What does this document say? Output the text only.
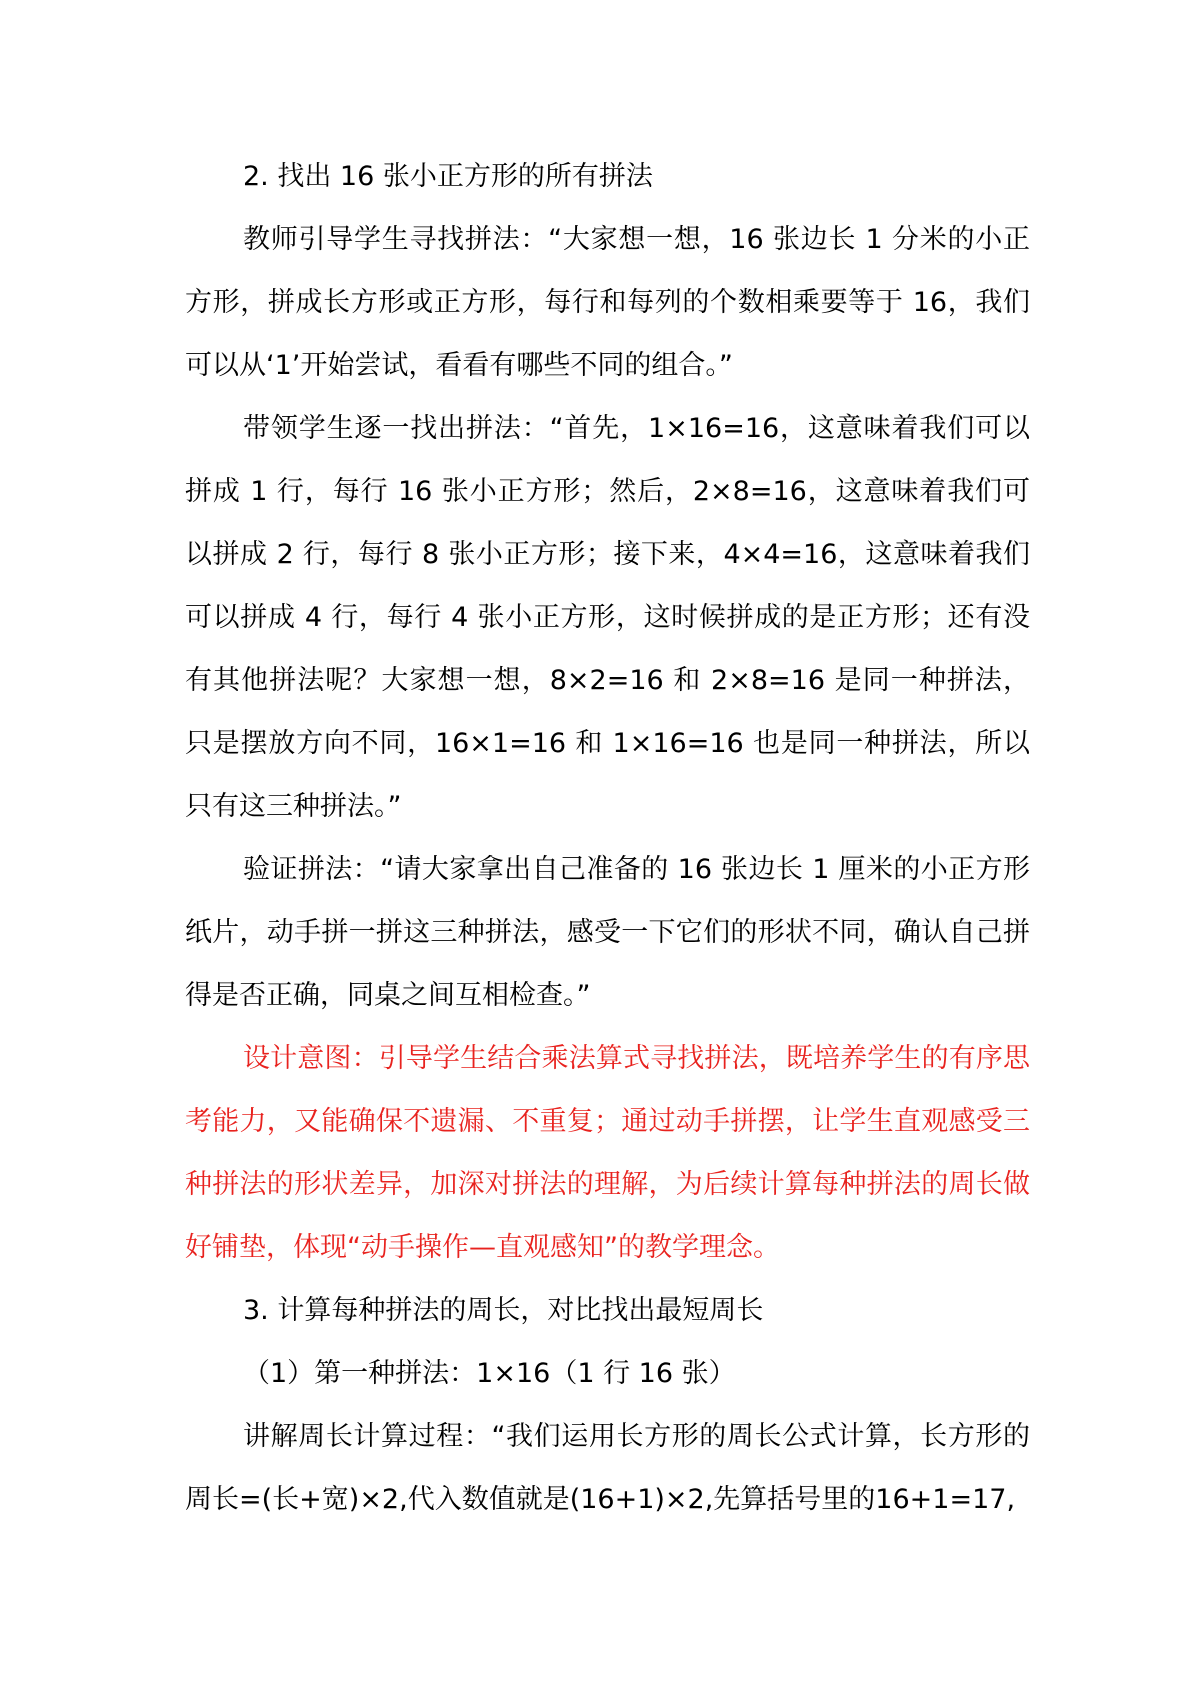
2. 找出 16 张小正方形的所有拼法

教师引导学生寻找拼法：“大家想一想，16 张边长 1 分米的小正方形，拼成长方形或正方形，每行和每列的个数相乘要等于 16，我们可以从‘1’开始尝试，看看有哪些不同的组合。”

带领学生逐一找出拼法：“首先，1×16=16，这意味着我们可以拼成 1 行，每行 16 张小正方形；然后，2×8=16，这意味着我们可以拼成 2 行，每行 8 张小正方形；接下来，4×4=16，这意味着我们可以拼成 4 行，每行 4 张小正方形，这时候拼成的是正方形；还有没有其他拼法呢？大家想一想，8×2=16 和 2×8=16 是同一种拼法，只是摆放方向不同，16×1=16 和 1×16=16 也是同一种拼法，所以只有这三种拼法。”

验证拼法：“请大家拿出自己准备的 16 张边长 1 厘米的小正方形纸片，动手拼一拼这三种拼法，感受一下它们的形状不同，确认自己拼得是否正确，同桌之间互相检查。”

设计意图：引导学生结合乘法算式寻找拼法，既培养学生的有序思考能力，又能确保不遗漏、不重复；通过动手拼摆，让学生直观感受三种拼法的形状差异，加深对拼法的理解，为后续计算每种拼法的周长做好铺垫，体现“动手操作—直观感知”的教学理念。

3. 计算每种拼法的周长，对比找出最短周长

（1）第一种拼法：1×16（1 行 16 张）

讲解周长计算过程：“我们运用长方形的周长公式计算，长方形的周长=(长+宽)×2,代入数值就是(16+1)×2,先算括号里的16+1=17,
